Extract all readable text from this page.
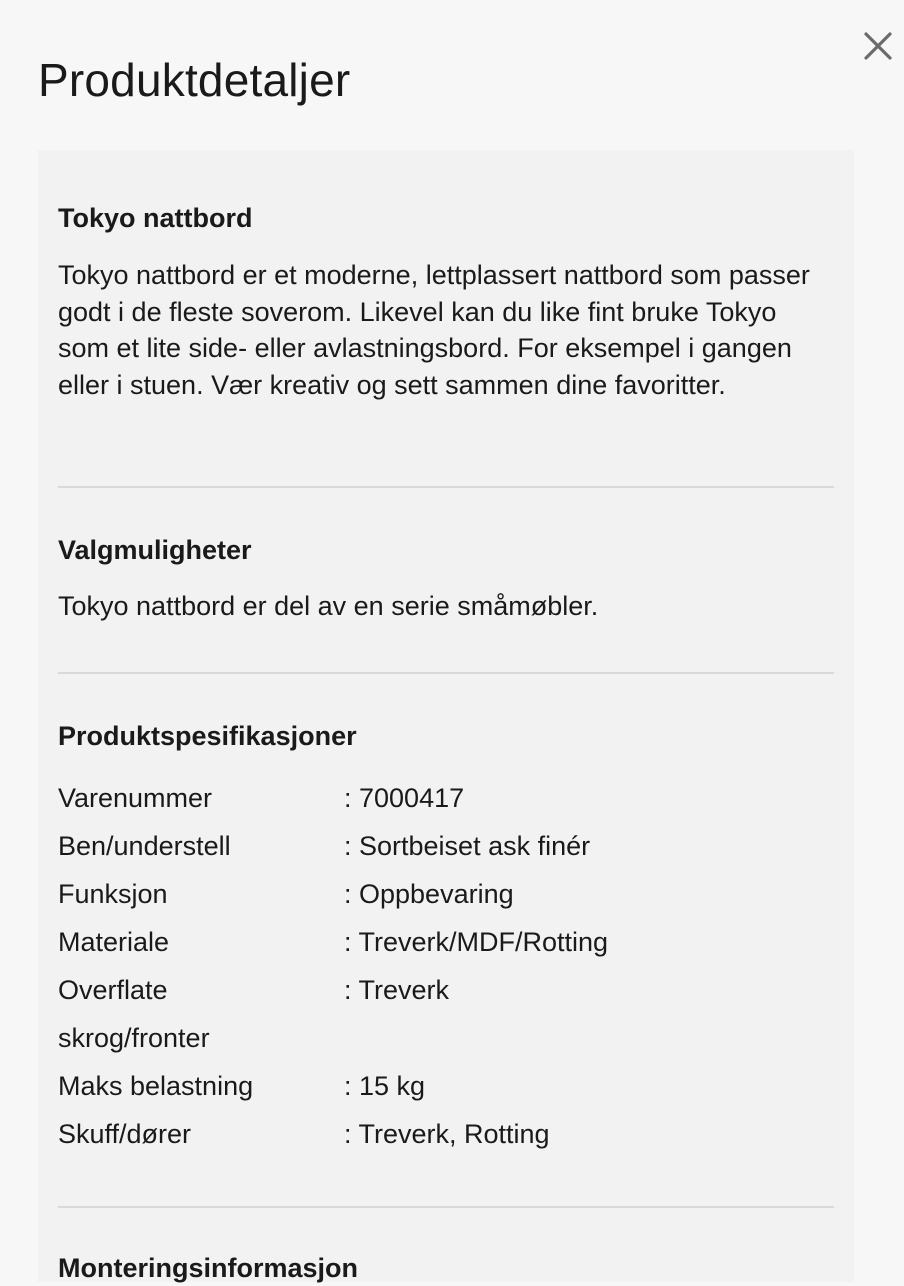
Produktdetaljer
Tokyo nattbord

Tokyo nattbord er et moderne, lettplassert nattbord som passer godt i de fleste soverom. Likevel kan du like fint bruke Tokyo som et lite side- eller avlastningsbord. For eksempel i gangen eller i stuen. Vær kreativ og sett sammen dine favoritter.

Valgmuligheter

Tokyo nattbord er del av en serie småmøbler.

Produktspesifikasjoner
Varenummer	: 7000417
Ben/understell	: Sortbeiset ask finér
Funksjon	: Oppbevaring
Materiale	: Treverk/MDF/Rotting
Overflate	: Treverk
skrog/fronter
Maks belastning	: 15 kg
Skuff/dører	: Treverk, Rotting
Monteringsinformasjon
